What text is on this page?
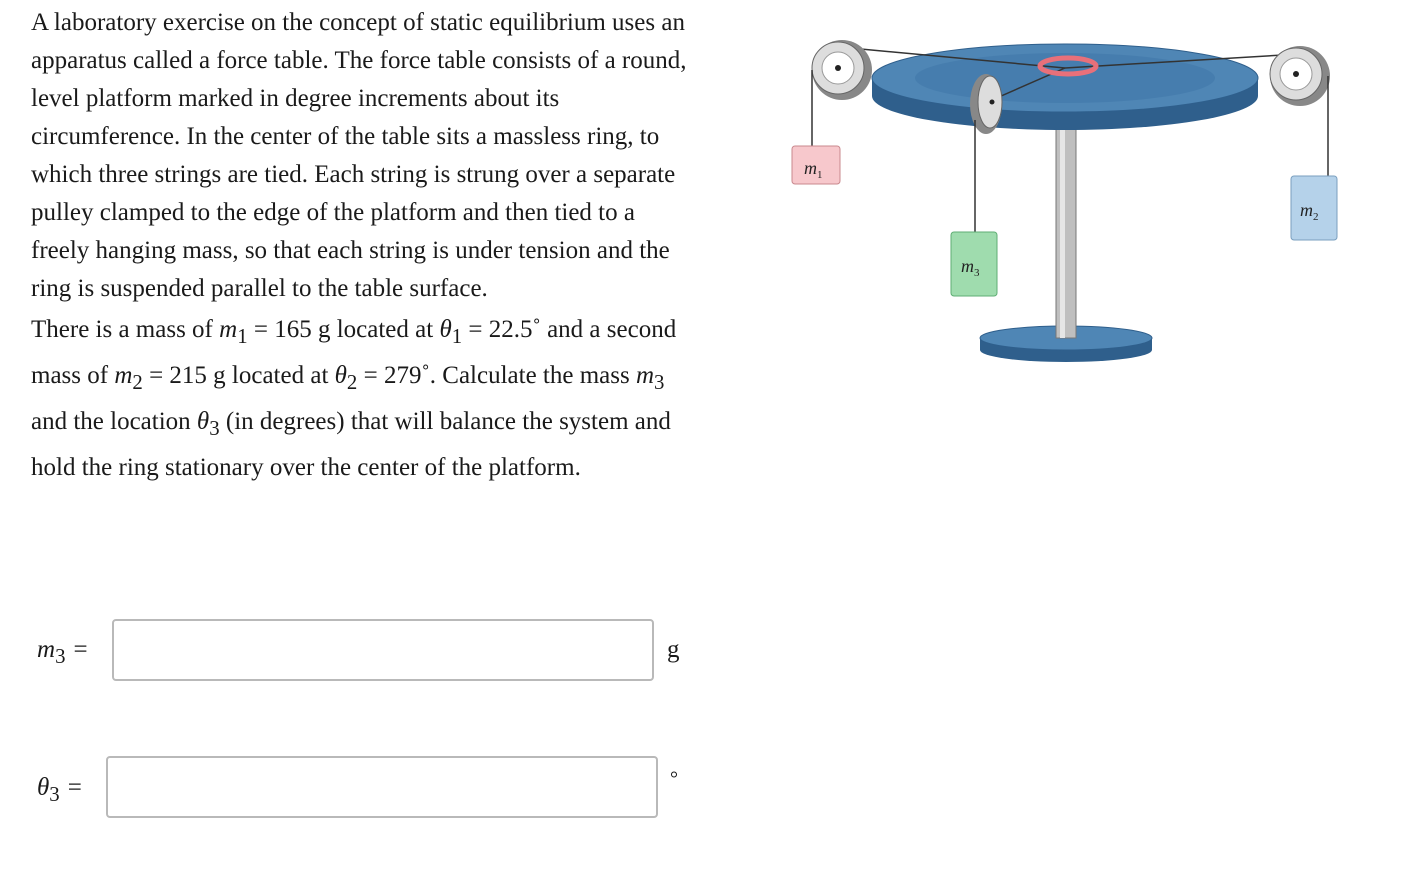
A laboratory exercise on the concept of static equilibrium uses an apparatus called a force table. The force table consists of a round, level platform marked in degree increments about its circumference. In the center of the table sits a massless ring, to which three strings are tied. Each string is strung over a separate pulley clamped to the edge of the platform and then tied to a freely hanging mass, so that each string is under tension and the ring is suspended parallel to the table surface.

There is a mass of $m_1 = 165$ g located at $\theta_1$ = 22.5˚ and a second mass of $m_2 = 215$ g located at $\theta_2$ = 279˚. Calculate the mass $m_3$ and the location $\theta_3$ (in degrees) that will balance the system and hold the ring stationary over the center of the platform.

$m_1$
$m_2$
$m_3$
$m_3$ =	g
$\theta_3$ =	°
